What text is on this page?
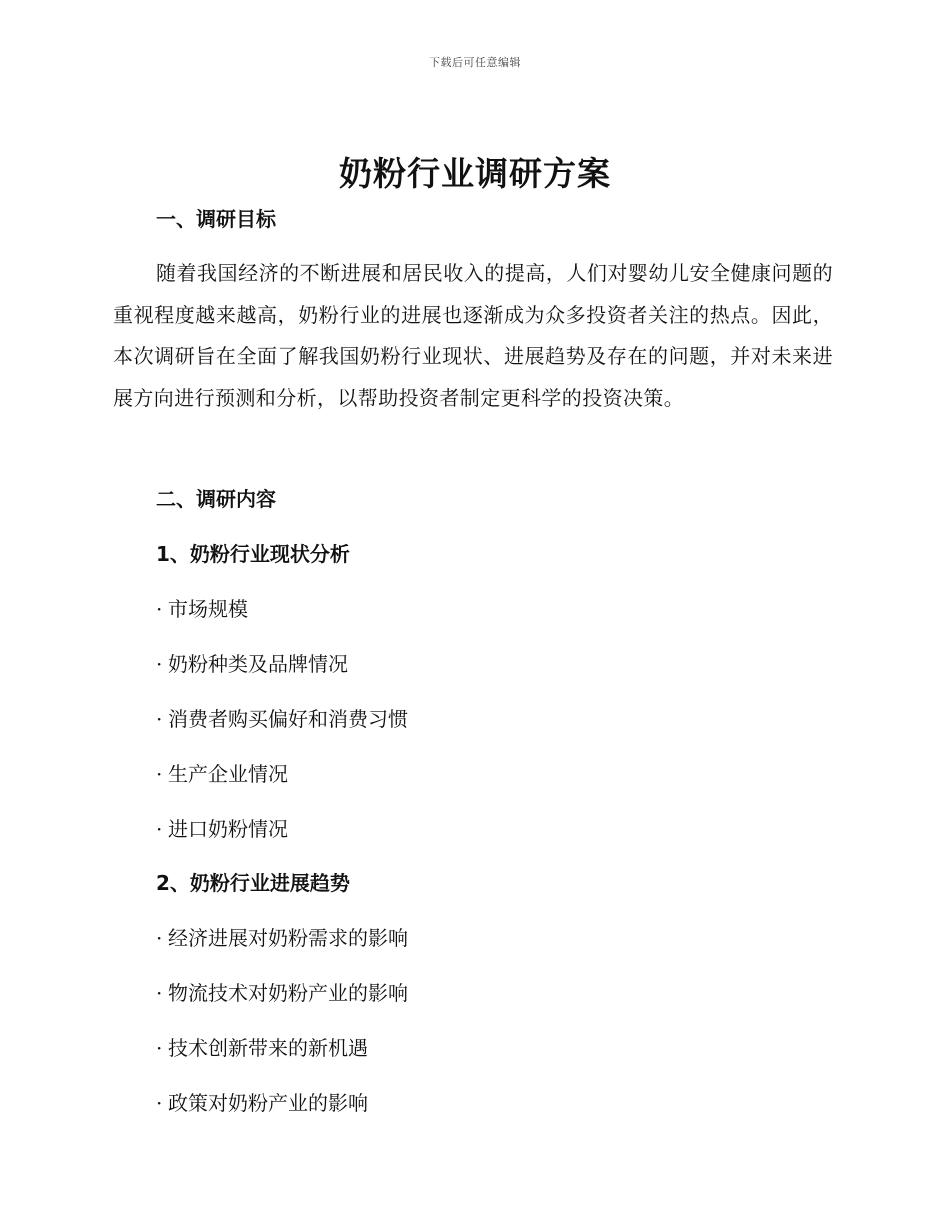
下载后可任意编辑
奶粉行业调研方案
一、调研目标

随着我国经济的不断进展和居民收入的提高，人们对婴幼儿安全健康问题的重视程度越来越高，奶粉行业的进展也逐渐成为众多投资者关注的热点。因此，本次调研旨在全面了解我国奶粉行业现状、进展趋势及存在的问题，并对未来进展方向进行预测和分析，以帮助投资者制定更科学的投资决策。

二、调研内容
1、奶粉行业现状分析

· 市场规模

· 奶粉种类及品牌情况

· 消费者购买偏好和消费习惯

· 生产企业情况

· 进口奶粉情况

2、奶粉行业进展趋势

· 经济进展对奶粉需求的影响

· 物流技术对奶粉产业的影响

· 技术创新带来的新机遇

· 政策对奶粉产业的影响
